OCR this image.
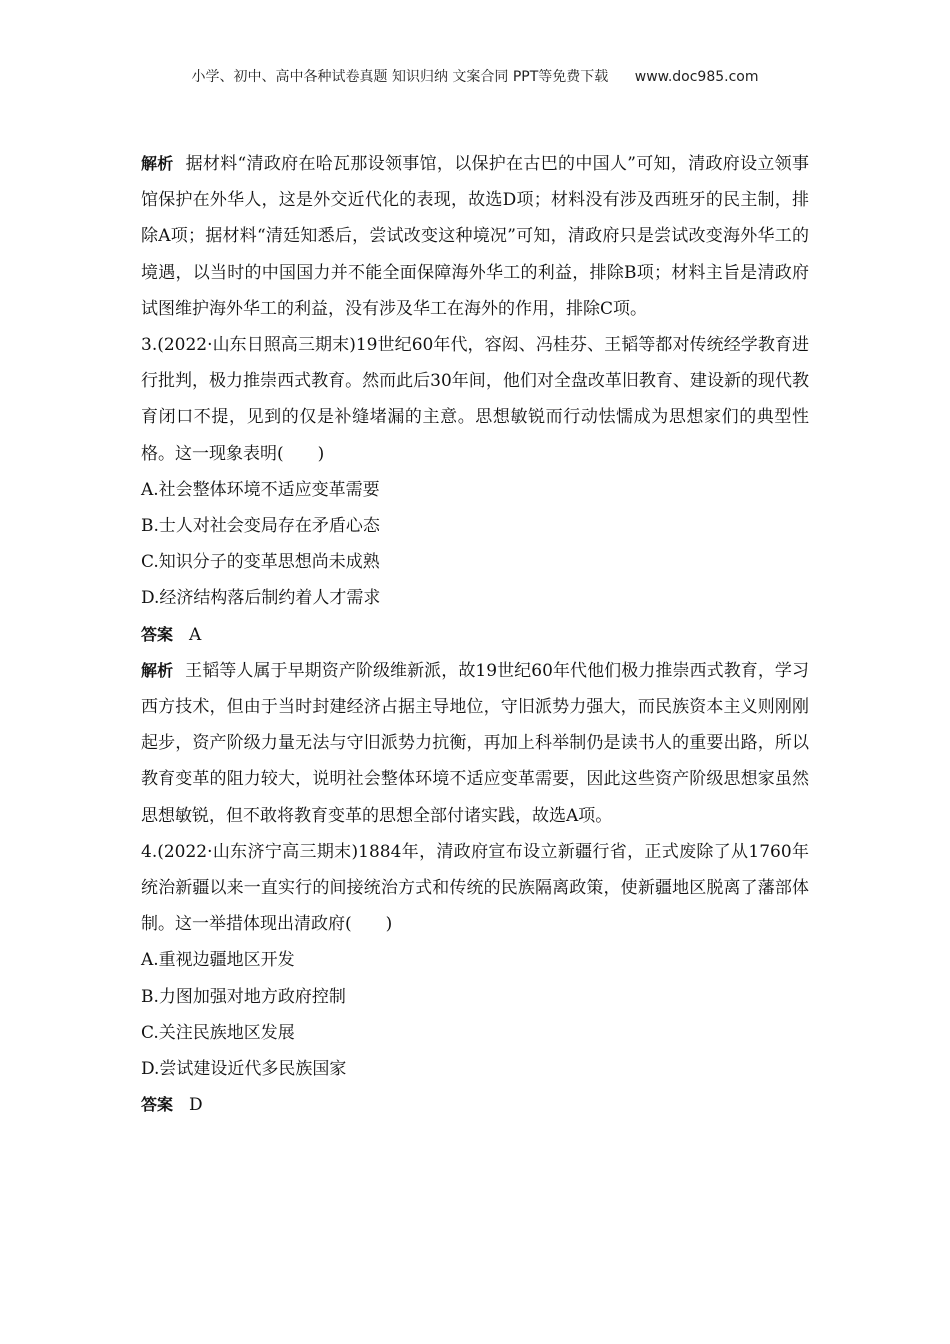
小学、初中、高中各种试卷真题 知识归纳 文案合同 PPT等免费下载 www.doc985.com

解析 据材料“清政府在哈瓦那设领事馆，以保护在古巴的中国人”可知，清政府设立领事馆保护在外华人，这是外交近代化的表现，故选D项；材料没有涉及西班牙的民主制，排除A项；据材料“清廷知悉后，尝试改变这种境况”可知，清政府只是尝试改变海外华工的境遇，以当时的中国国力并不能全面保障海外华工的利益，排除B项；材料主旨是清政府试图维护海外华工的利益，没有涉及华工在海外的作用，排除C项。

3.(2022·山东日照高三期末)19世纪60年代，容闳、冯桂芬、王韬等都对传统经学教育进行批判，极力推崇西式教育。然而此后30年间，他们对全盘改革旧教育、建设新的现代教育闭口不提，见到的仅是补缝堵漏的主意。思想敏锐而行动怯懦成为思想家们的典型性格。这一现象表明(　　)

A.社会整体环境不适应变革需要

B.士人对社会变局存在矛盾心态

C.知识分子的变革思想尚未成熟

D.经济结构落后制约着人才需求

答案 A

解析 王韬等人属于早期资产阶级维新派，故19世纪60年代他们极力推崇西式教育，学习西方技术，但由于当时封建经济占据主导地位，守旧派势力强大，而民族资本主义则刚刚起步，资产阶级力量无法与守旧派势力抗衡，再加上科举制仍是读书人的重要出路，所以教育变革的阻力较大，说明社会整体环境不适应变革需要，因此这些资产阶级思想家虽然思想敏锐，但不敢将教育变革的思想全部付诸实践，故选A项。

4.(2022·山东济宁高三期末)1884年，清政府宣布设立新疆行省，正式废除了从1760年统治新疆以来一直实行的间接统治方式和传统的民族隔离政策，使新疆地区脱离了藩部体制。这一举措体现出清政府(　　)

A.重视边疆地区开发

B.力图加强对地方政府控制

C.关注民族地区发展

D.尝试建设近代多民族国家

答案 D
